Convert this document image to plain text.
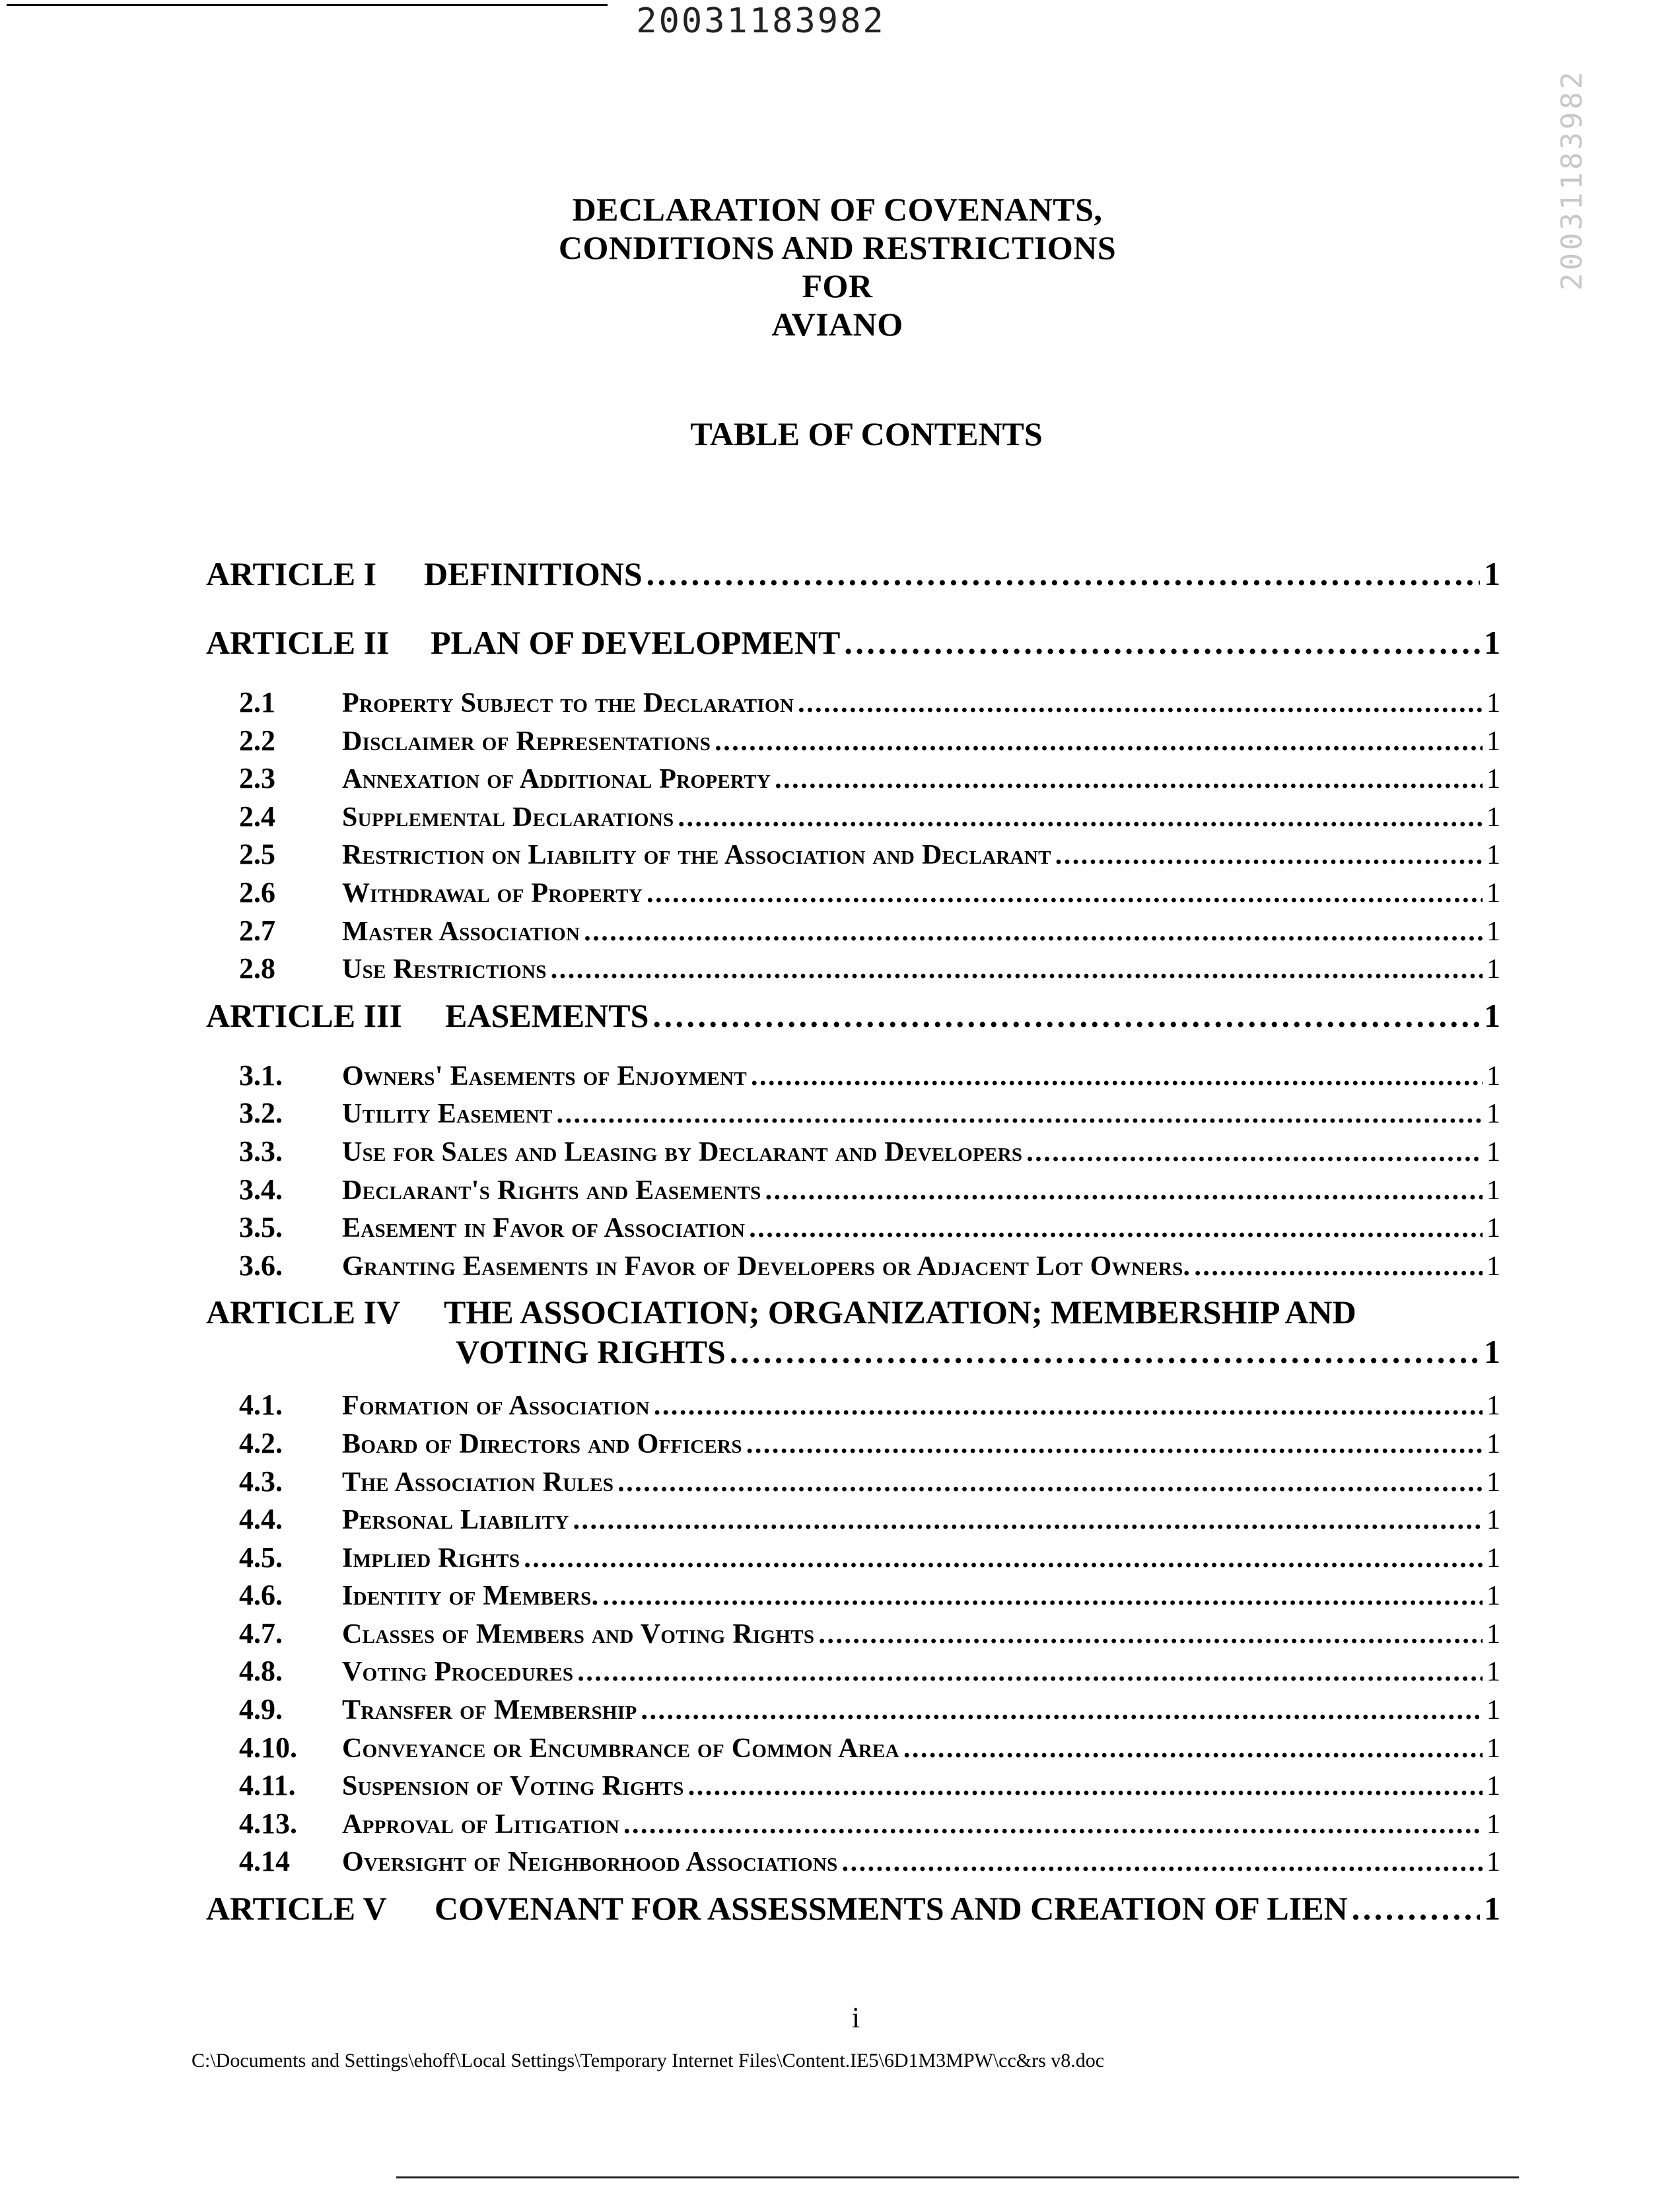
20031183982
20031183982
DECLARATION OF COVENANTS,
CONDITIONS AND RESTRICTIONS
FOR
AVIANO
TABLE OF CONTENTS
ARTICLE I	DEFINITIONS . . .	1
ARTICLE II	PLAN OF DEVELOPMENT . . .	1
2.1	Property Subject to the Declaration . . .	1
2.2	Disclaimer of Representations . . .	1
2.3	Annexation of Additional Property . . .	1
2.4	Supplemental Declarations . . .	1
2.5	Restriction on Liability of the Association and Declarant . . .	1
2.6	Withdrawal of Property . . .	1
2.7	Master Association . . .	1
2.8	Use Restrictions . . .	1
ARTICLE III	EASEMENTS . . .	1
3.1.	Owners' Easements of Enjoyment . . .	1
3.2.	Utility Easement . . .	1
3.3.	Use for Sales and Leasing by Declarant and Developers . . .	1
3.4.	Declarant's Rights and Easements . . .	1
3.5.	Easement in Favor of Association . . .	1
3.6.	Granting Easements in Favor of Developers or Adjacent Lot Owners. . . .	1
ARTICLE IV	THE ASSOCIATION; ORGANIZATION; MEMBERSHIP AND
VOTING RIGHTS . . .	1
4.1.	Formation of Association . . .	1
4.2.	Board of Directors and Officers . . .	1
4.3.	The Association Rules . . .	1
4.4.	Personal Liability . . .	1
4.5.	Implied Rights . . .	1
4.6.	Identity of Members. . . .	1
4.7.	Classes of Members and Voting Rights . . .	1
4.8.	Voting Procedures . . .	1
4.9.	Transfer of Membership . . .	1
4.10.	Conveyance or Encumbrance of Common Area . . .	1
4.11.	Suspension of Voting Rights . . .	1
4.13.	Approval of Litigation . . .	1
4.14	Oversight of Neighborhood Associations . . .	1
ARTICLE V	COVENANT FOR ASSESSMENTS AND CREATION OF LIEN . . .	1
i
C:\Documents and Settings\ehoff\Local Settings\Temporary Internet Files\Content.IE5\6D1M3MPW\cc&rs v8.doc
